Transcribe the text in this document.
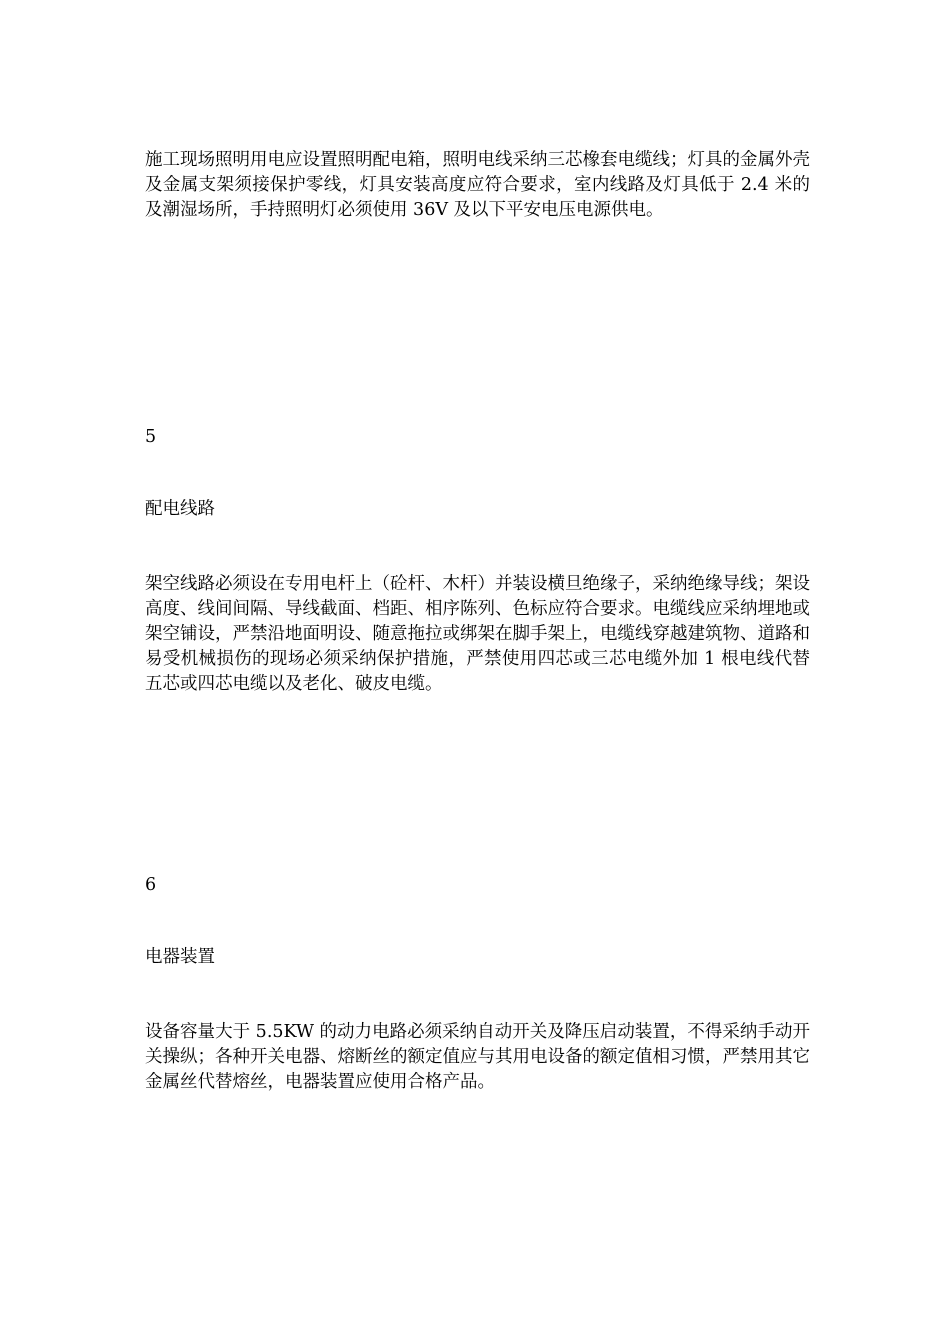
施工现场照明用电应设置照明配电箱，照明电线采纳三芯橡套电缆线；灯具的金属外壳及金属支架须接保护零线，灯具安装高度应符合要求，室内线路及灯具低于 2.4 米的及潮湿场所，手持照明灯必须使用 36V 及以下平安电压电源供电。

5

配电线路

架空线路必须设在专用电杆上（砼杆、木杆）并装设横旦绝缘子，采纳绝缘导线；架设高度、线间间隔、导线截面、档距、相序陈列、色标应符合要求。电缆线应采纳埋地或架空铺设，严禁沿地面明设、随意拖拉或绑架在脚手架上，电缆线穿越建筑物、道路和易受机械损伤的现场必须采纳保护措施，严禁使用四芯或三芯电缆外加 1 根电线代替五芯或四芯电缆以及老化、破皮电缆。

6

电器装置

设备容量大于 5.5KW 的动力电路必须采纳自动开关及降压启动装置，不得采纳手动开关操纵；各种开关电器、熔断丝的额定值应与其用电设备的额定值相习惯，严禁用其它金属丝代替熔丝，电器装置应使用合格产品。
